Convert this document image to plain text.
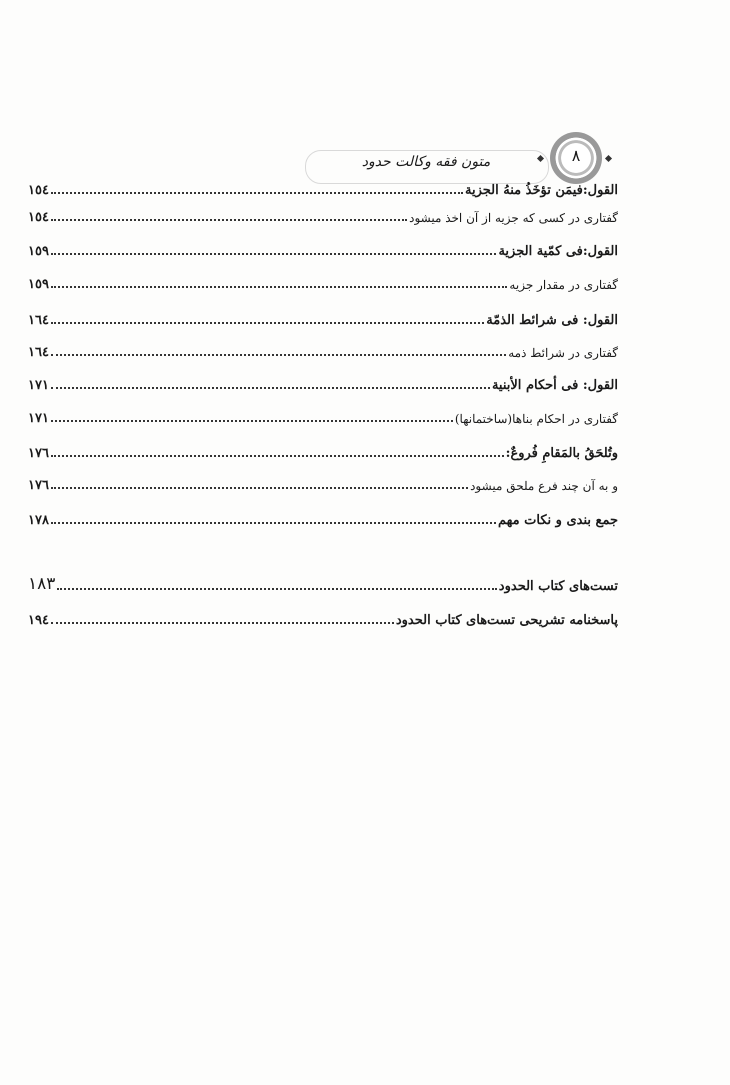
متون فقه وکالت حدود	۸
القول:فیمَن تؤخَذُ منهُ الجزیة
١٥٤
گفتاری در کسی که جزیه از آن اخذ میشود
١٥٤
القول:فی کمّیة الجزیة
١٥٩
گفتاری در مقدار جزیه
١٥٩
القول: فی شرائط الذمّة
١٦٤
گفتاری در شرائط ذمه
١٦٤
القول: فی أحکام الأبنیة
١٧١
گفتاری در احکام بناها(ساختمانها)
١٧١
وتُلحَقُ بالمَقامِ فُروعٌ:
١٧٦
و به آن چند فرع ملحق میشود
١٧٦
جمع بندی و نکات مهم
١٧٨
تست‌های کتاب الحدود
١٨٣
پاسخنامه تشریحی تست‌های کتاب الحدود
١٩٤
